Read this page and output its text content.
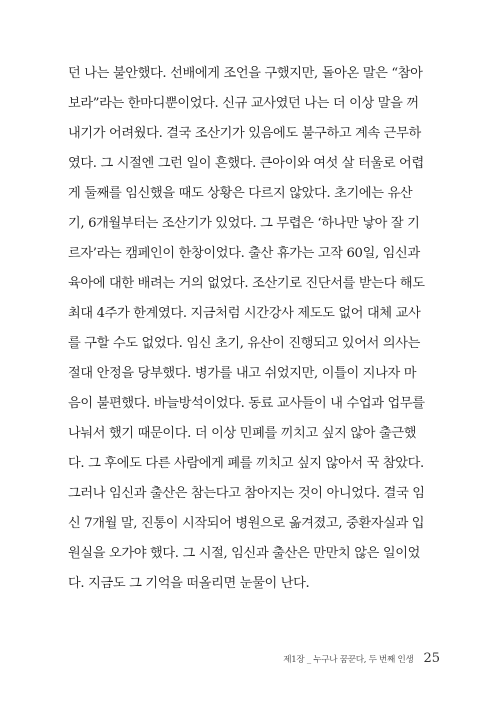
던 나는 불안했다. 선배에게 조언을 구했지만, 돌아온 말은 “참아
보라”라는 한마디뿐이었다. 신규 교사였던 나는 더 이상 말을 꺼
내기가 어려웠다. 결국 조산기가 있음에도 불구하고 계속 근무하
였다. 그 시절엔 그런 일이 흔했다. 큰아이와 여섯 살 터울로 어렵
게 둘째를 임신했을 때도 상황은 다르지 않았다. 초기에는 유산
기, 6개월부터는 조산기가 있었다. 그 무렵은 ‘하나만 낳아 잘 기
르자’라는 캠페인이 한창이었다. 출산 휴가는 고작 60일, 임신과
육아에 대한 배려는 거의 없었다. 조산기로 진단서를 받는다 해도
최대 4주가 한계였다. 지금처럼 시간강사 제도도 없어 대체 교사
를 구할 수도 없었다. 임신 초기, 유산이 진행되고 있어서 의사는
절대 안정을 당부했다. 병가를 내고 쉬었지만, 이틀이 지나자 마
음이 불편했다. 바늘방석이었다. 동료 교사들이 내 수업과 업무를
나눠서 했기 때문이다. 더 이상 민폐를 끼치고 싶지 않아 출근했
다. 그 후에도 다른 사람에게 폐를 끼치고 싶지 않아서 꾹 참았다.
그러나 임신과 출산은 참는다고 참아지는 것이 아니었다. 결국 임
신 7개월 말, 진통이 시작되어 병원으로 옮겨졌고, 중환자실과 입
원실을 오가야 했다. 그 시절, 임신과 출산은 만만치 않은 일이었
다. 지금도 그 기억을 떠올리면 눈물이 난다.
제1장 _ 누구나 꿈꾼다, 두 번째 인생 25
